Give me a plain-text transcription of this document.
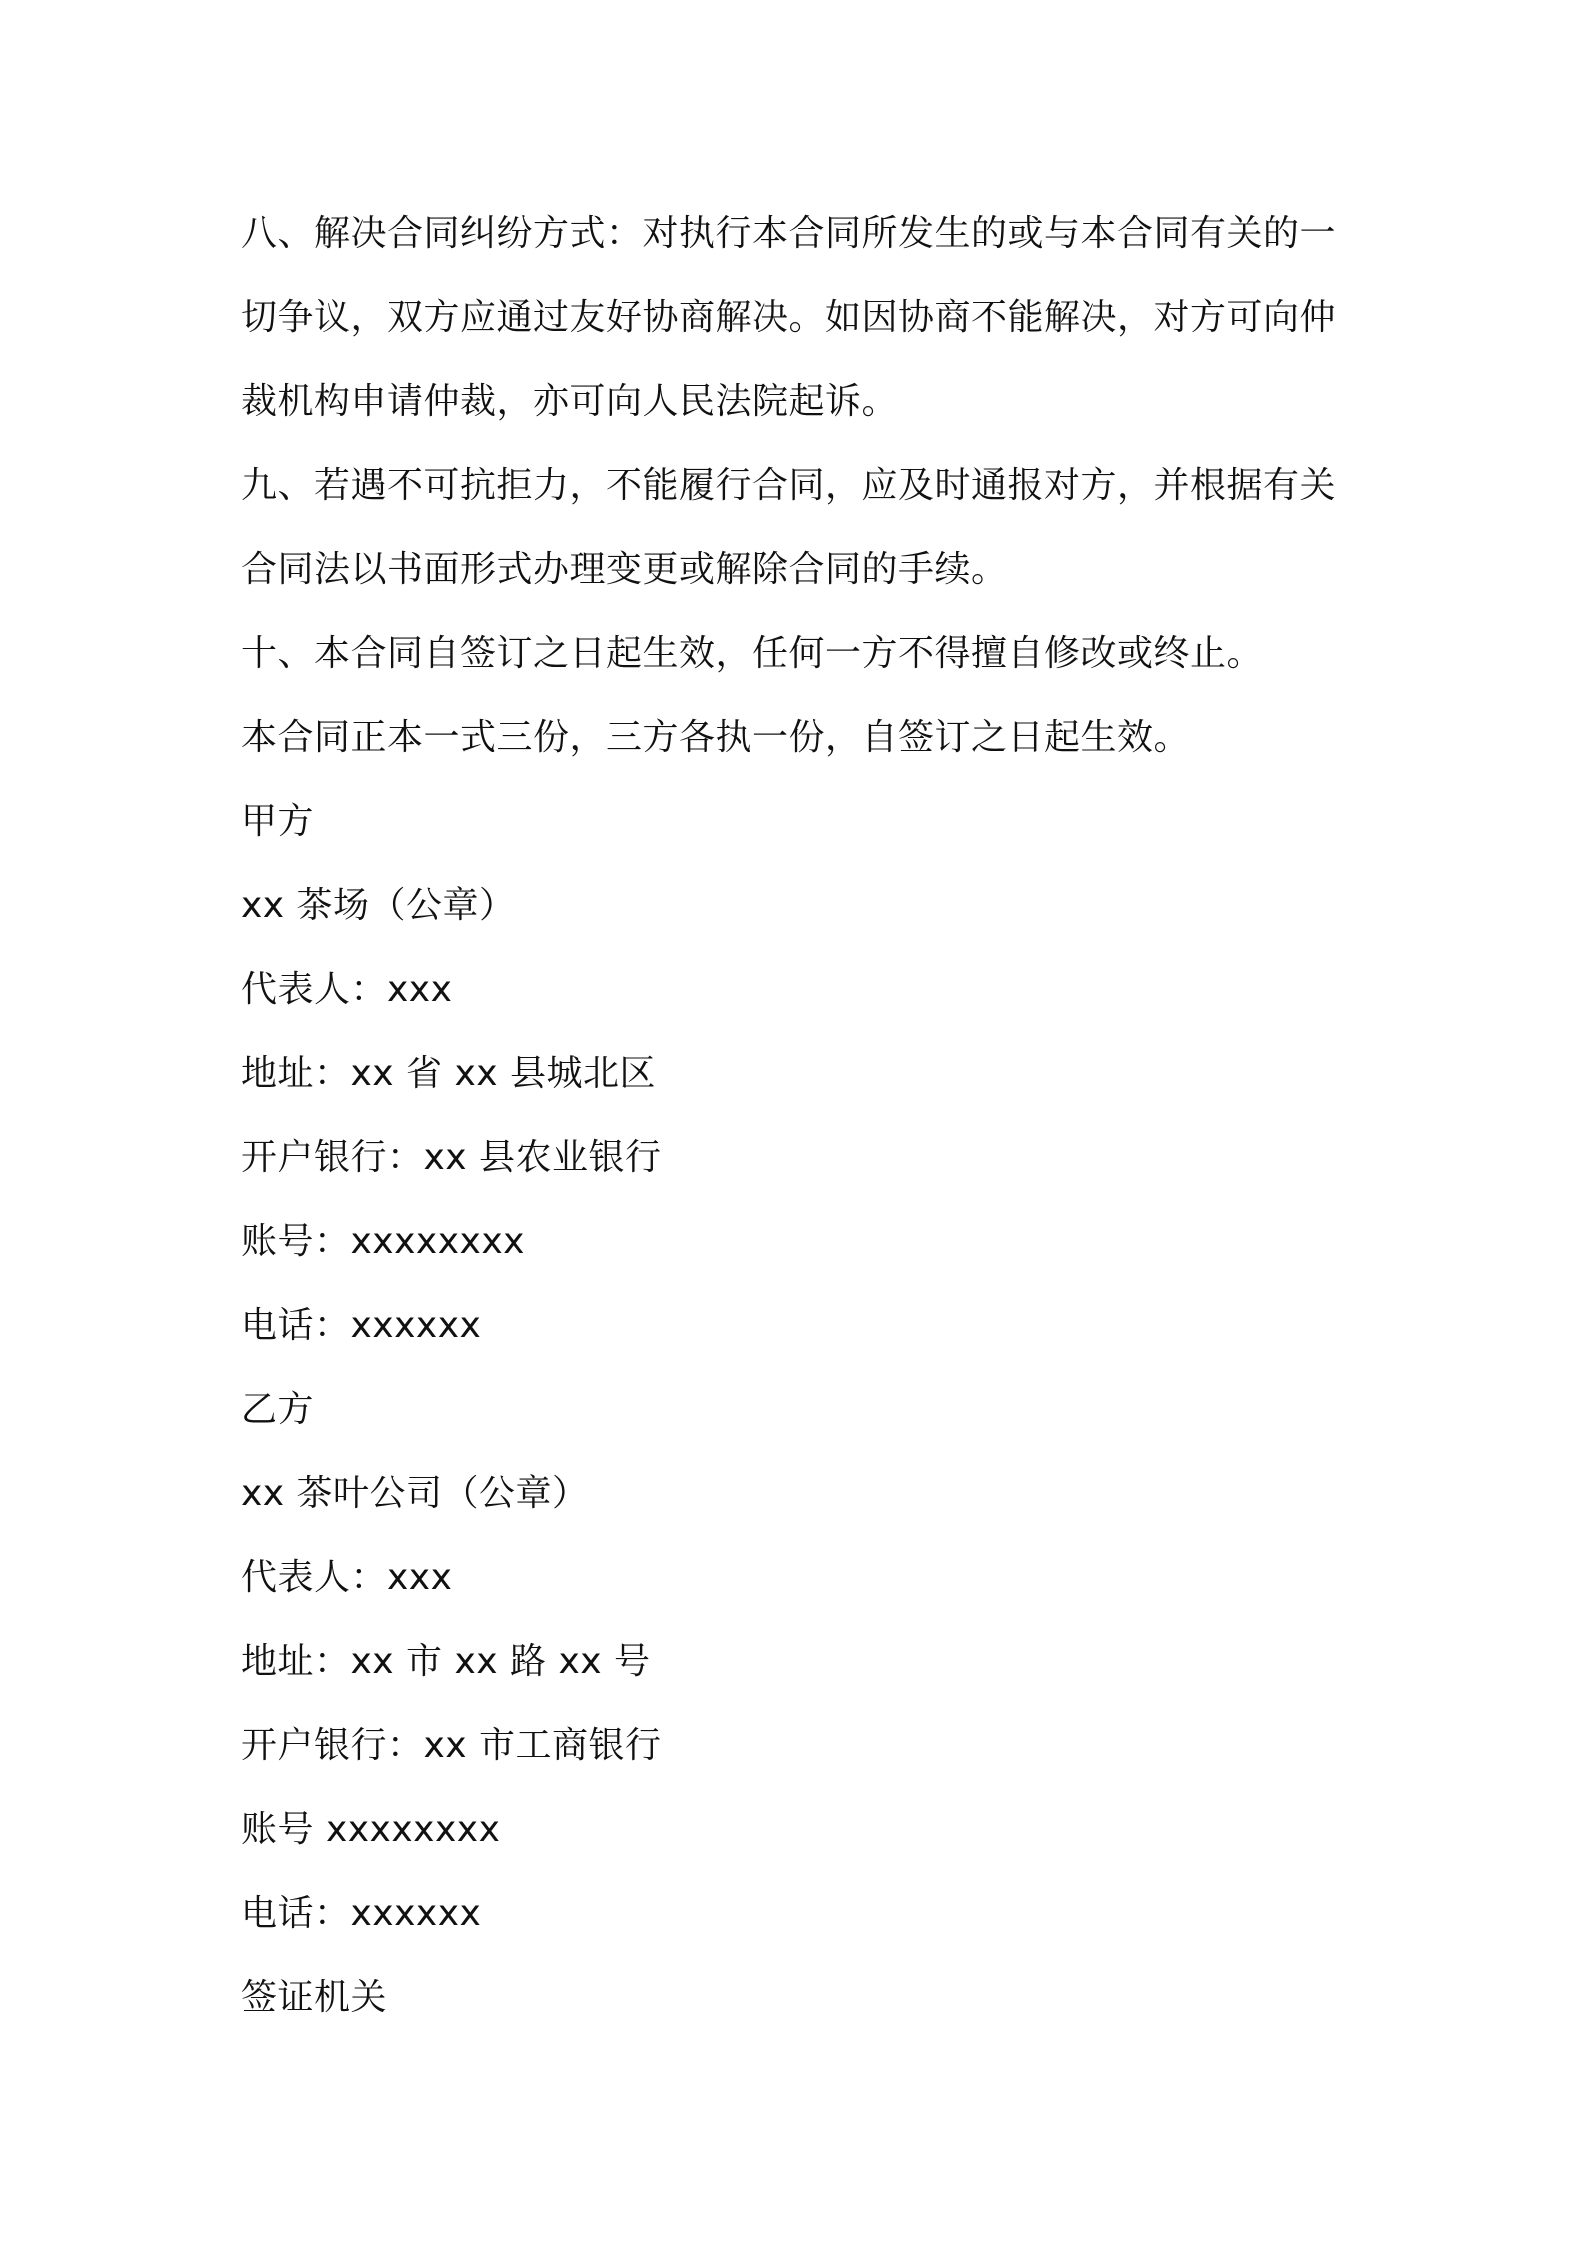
八、解决合同纠纷方式：对执行本合同所发生的或与本合同有关的一
切争议，双方应通过友好协商解决。如因协商不能解决，对方可向仲
裁机构申请仲裁，亦可向人民法院起诉。
九、若遇不可抗拒力，不能履行合同，应及时通报对方，并根据有关
合同法以书面形式办理变更或解除合同的手续。
十、本合同自签订之日起生效，任何一方不得擅自修改或终止。
本合同正本一式三份，三方各执一份，自签订之日起生效。
甲方
xx 茶场（公章）
代表人：xxx
地址：xx 省 xx 县城北区
开户银行：xx 县农业银行
账号：xxxxxxxx
电话：xxxxxx
乙方
xx 茶叶公司（公章）
代表人：xxx
地址：xx 市 xx 路 xx 号
开户银行：xx 市工商银行
账号 xxxxxxxx
电话：xxxxxx
签证机关
